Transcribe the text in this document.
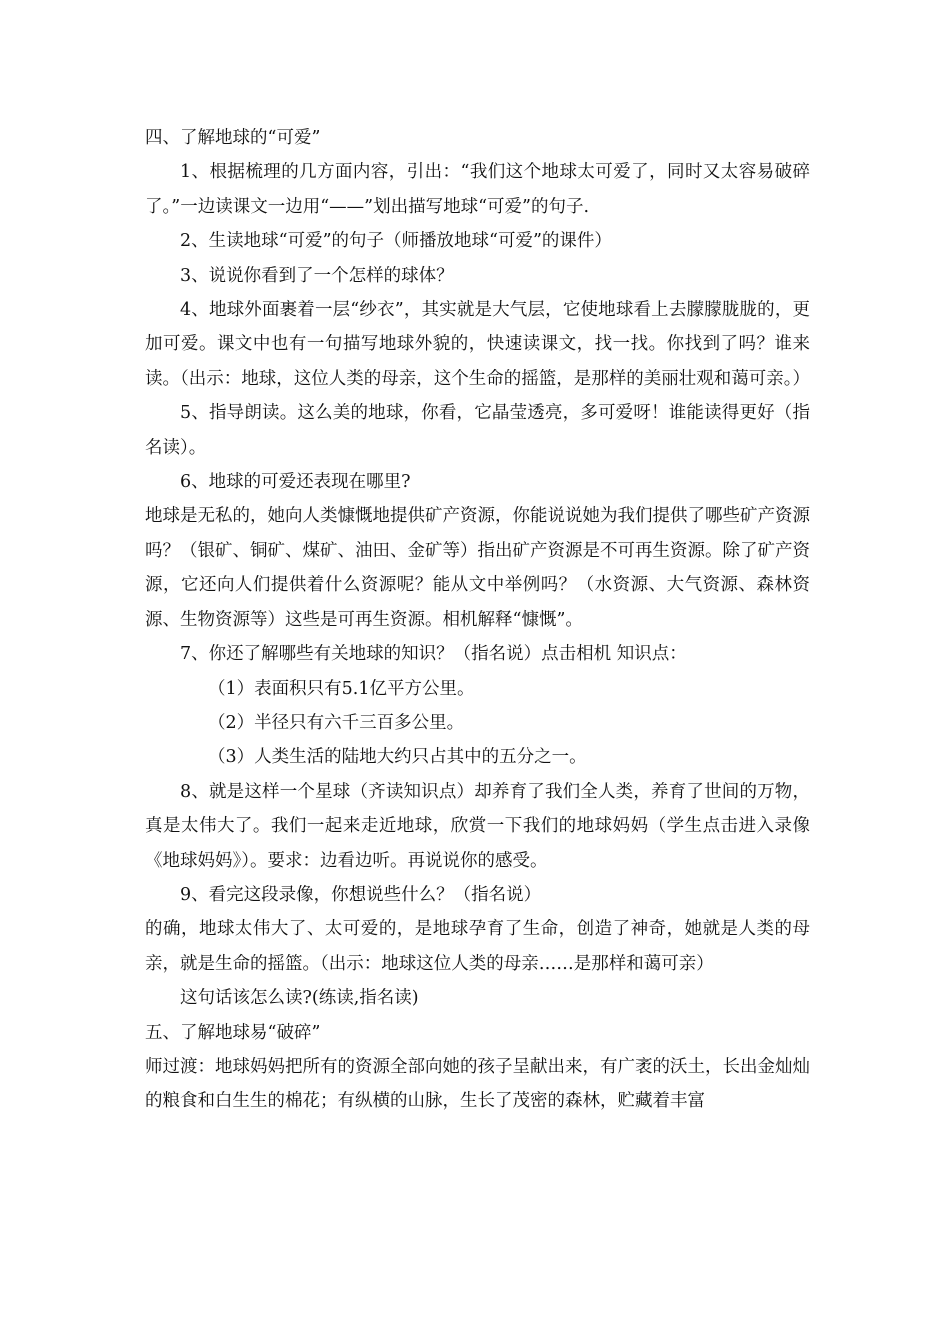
四、了解地球的“可爱”

1、根据梳理的几方面内容，引出：“我们这个地球太可爱了，同时又太容易破碎了。”一边读课文一边用“——”划出描写地球“可爱”的句子.

2、生读地球“可爱”的句子（师播放地球“可爱”的课件）

3、说说你看到了一个怎样的球体？

4、地球外面裹着一层“纱衣”，其实就是大气层，它使地球看上去朦朦胧胧的，更加可爱。课文中也有一句描写地球外貌的，快速读课文，找一找。你找到了吗？谁来读。（出示：地球，这位人类的母亲，这个生命的摇篮，是那样的美丽壮观和蔼可亲。）

5、指导朗读。这么美的地球，你看，它晶莹透亮，多可爱呀！谁能读得更好（指名读）。

6、地球的可爱还表现在哪里?

地球是无私的，她向人类慷慨地提供矿产资源，你能说说她为我们提供了哪些矿产资源吗？（银矿、铜矿、煤矿、油田、金矿等）指出矿产资源是不可再生资源。除了矿产资源，它还向人们提供着什么资源呢？能从文中举例吗？（水资源、大气资源、森林资源、生物资源等）这些是可再生资源。相机解释“慷慨”。

7、你还了解哪些有关地球的知识？（指名说）点击相机 知识点：

（1）表面积只有5.1亿平方公里。

（2）半径只有六千三百多公里。

（3）人类生活的陆地大约只占其中的五分之一。

8、就是这样一个星球（齐读知识点）却养育了我们全人类，养育了世间的万物，真是太伟大了。我们一起来走近地球，欣赏一下我们的地球妈妈（学生点击进入录像《地球妈妈》）。要求：边看边听。再说说你的感受。

9、看完这段录像，你想说些什么？（指名说）

的确，地球太伟大了、太可爱的，是地球孕育了生命，创造了神奇，她就是人类的母亲，就是生命的摇篮。（出示：地球这位人类的母亲……是那样和蔼可亲）

这句话该怎么读?(练读,指名读)

五、了解地球易“破碎”

师过渡：地球妈妈把所有的资源全部向她的孩子呈献出来，有广袤的沃土，长出金灿灿的粮食和白生生的棉花；有纵横的山脉，生长了茂密的森林，贮藏着丰富
